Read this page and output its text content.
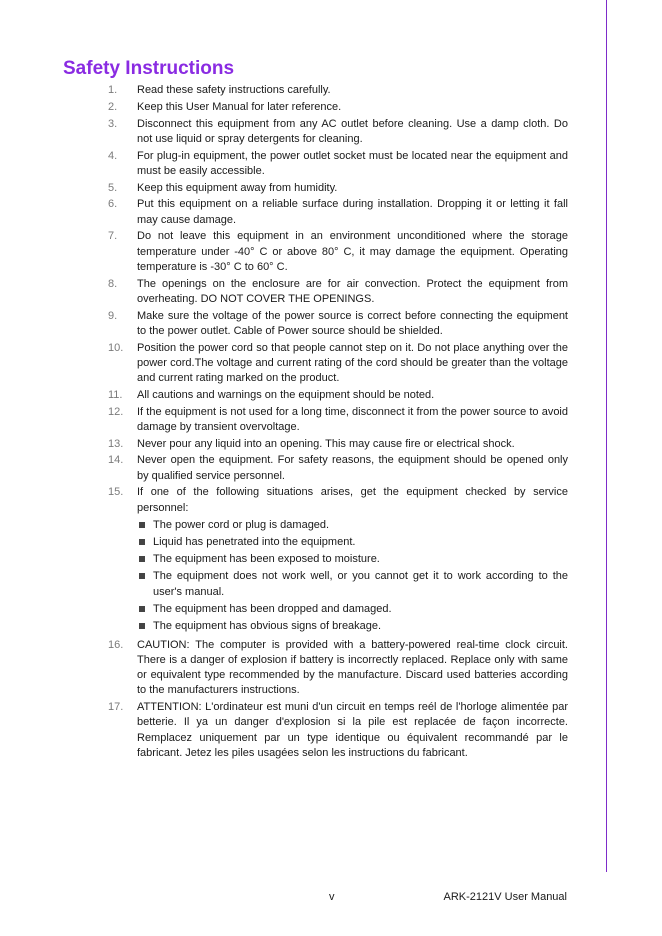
Safety Instructions
1.	Read these safety instructions carefully.
2.	Keep this User Manual for later reference.
3.	Disconnect this equipment from any AC outlet before cleaning. Use a damp cloth. Do not use liquid or spray detergents for cleaning.
4.	For plug-in equipment, the power outlet socket must be located near the equipment and must be easily accessible.
5.	Keep this equipment away from humidity.
6.	Put this equipment on a reliable surface during installation. Dropping it or letting it fall may cause damage.
7.	Do not leave this equipment in an environment unconditioned where the storage temperature under -40° C or above 80° C, it may damage the equipment. Operating temperature is -30° C to 60° C.
8.	The openings on the enclosure are for air convection. Protect the equipment from overheating. DO NOT COVER THE OPENINGS.
9.	Make sure the voltage of the power source is correct before connecting the equipment to the power outlet. Cable of Power source should be shielded.
10.	Position the power cord so that people cannot step on it. Do not place anything over the power cord.The voltage and current rating of the cord should be greater than the voltage and current rating marked on the product.
11.	All cautions and warnings on the equipment should be noted.
12.	If the equipment is not used for a long time, disconnect it from the power source to avoid damage by transient overvoltage.
13.	Never pour any liquid into an opening. This may cause fire or electrical shock.
14.	Never open the equipment. For safety reasons, the equipment should be opened only by qualified service personnel.
15.	If one of the following situations arises, get the equipment checked by service personnel:
The power cord or plug is damaged.
Liquid has penetrated into the equipment.
The equipment has been exposed to moisture.
The equipment does not work well, or you cannot get it to work according to the user's manual.
The equipment has been dropped and damaged.
The equipment has obvious signs of breakage.
16.	CAUTION: The computer is provided with a battery-powered real-time clock circuit. There is a danger of explosion if battery is incorrectly replaced. Replace only with same or equivalent type recommended by the manufacture. Discard used batteries according to the manufacturers instructions.
17.	ATTENTION: L'ordinateur est muni d'un circuit en temps reél de l'horloge alimentée par betterie. Il ya un danger d'explosion si la pile est replacée de façon incorrecte. Remplacez uniquement par un type identique ou équivalent recommandé par le fabricant. Jetez les piles usagées selon les instructions du fabricant.
v	ARK-2121V User Manual
